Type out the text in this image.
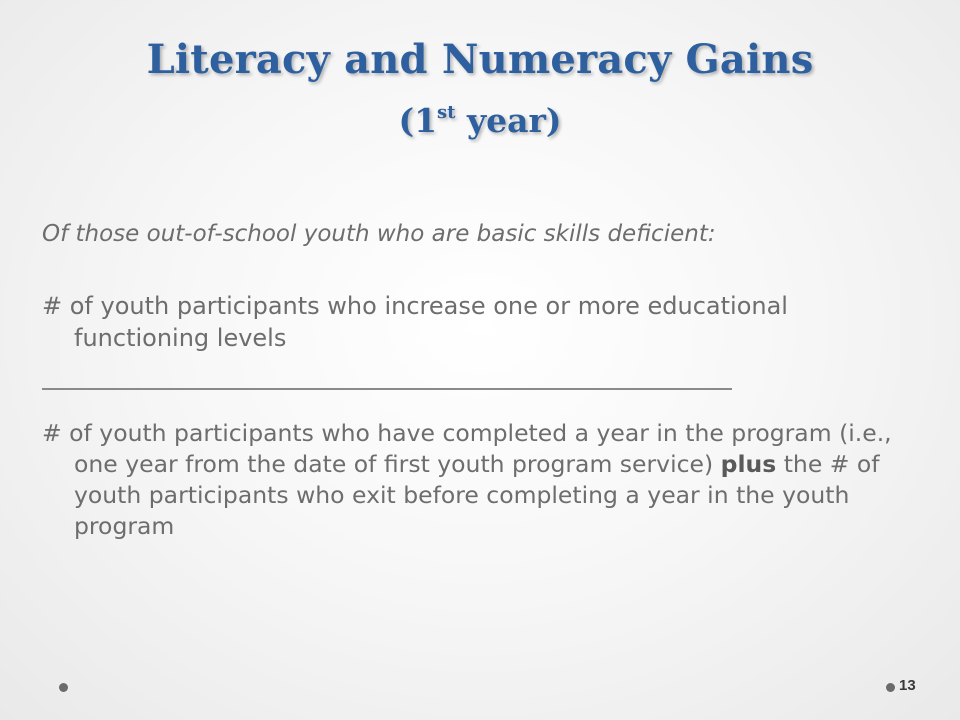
Literacy and Numeracy Gains
(1st year)

Of those out-of-school youth who are basic skills deficient:

# of youth participants who increase one or more educational functioning levels

# of youth participants who have completed a year in the program (i.e., one year from the date of first youth program service) plus the # of youth participants who exit before completing a year in the youth program

13
